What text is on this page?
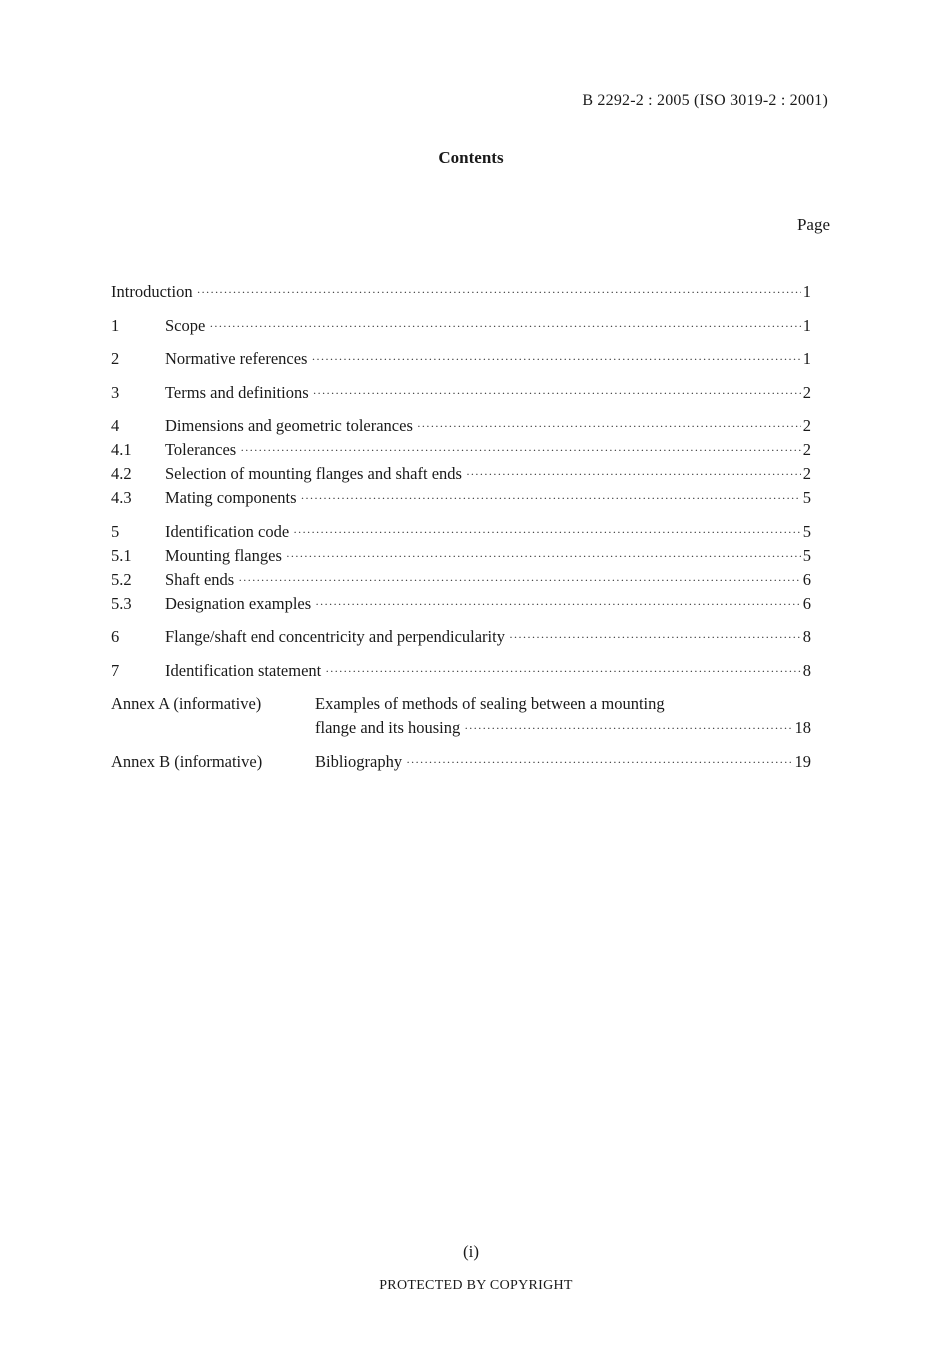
B 2292-2 : 2005 (ISO 3019-2 : 2001)
Contents
Page
Introduction ·····	1
1	Scope ·····	1
2	Normative references ·····	1
3	Terms and definitions ·····	2
4	Dimensions and geometric tolerances ·····	2
4.1	Tolerances ·····	2
4.2	Selection of mounting flanges and shaft ends ·····	2
4.3	Mating components ·····	5
5	Identification code ·····	5
5.1	Mounting flanges ·····	5
5.2	Shaft ends ·····	6
5.3	Designation examples ·····	6
6	Flange/shaft end concentricity and perpendicularity ·····	8
7	Identification statement ·····	8
Annex A (informative)	Examples of methods of sealing between a mounting
flange and its housing ·····	18
Annex B (informative)	Bibliography ·····	19
(i)
PROTECTED BY COPYRIGHT
